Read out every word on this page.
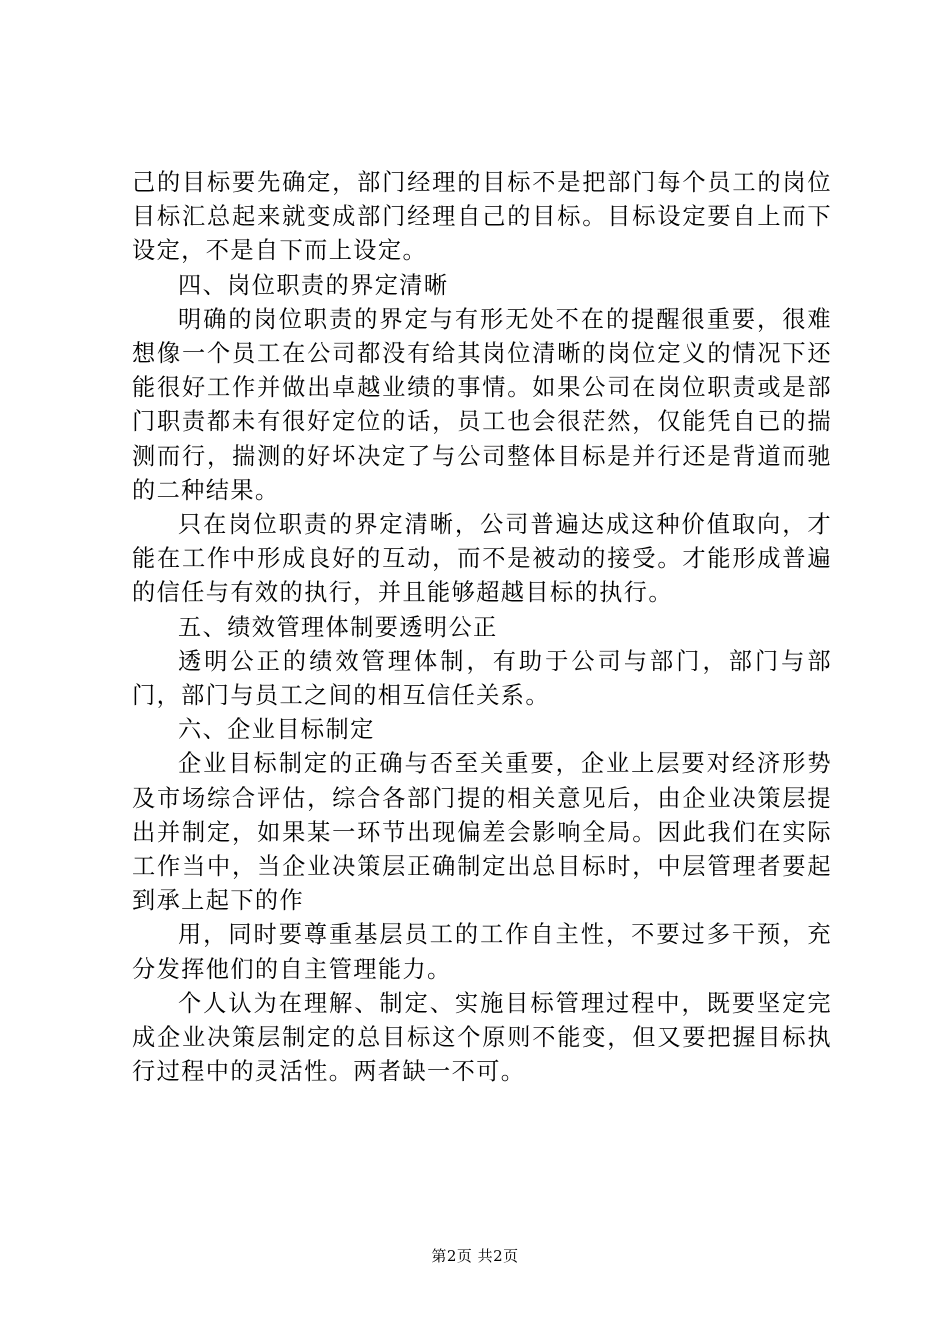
己的目标要先确定，部门经理的目标不是把部门每个员工的岗位目标汇总起来就变成部门经理自己的目标。目标设定要自上而下设定，不是自下而上设定。

四、岗位职责的界定清晰

明确的岗位职责的界定与有形无处不在的提醒很重要，很难想像一个员工在公司都没有给其岗位清晰的岗位定义的情况下还能很好工作并做出卓越业绩的事情。如果公司在岗位职责或是部门职责都未有很好定位的话，员工也会很茫然，仅能凭自已的揣测而行，揣测的好坏决定了与公司整体目标是并行还是背道而驰的二种结果。

只在岗位职责的界定清晰，公司普遍达成这种价值取向，才能在工作中形成良好的互动，而不是被动的接受。才能形成普遍的信任与有效的执行，并且能够超越目标的执行。

五、绩效管理体制要透明公正

透明公正的绩效管理体制，有助于公司与部门，部门与部门，部门与员工之间的相互信任关系。

六、企业目标制定

企业目标制定的正确与否至关重要，企业上层要对经济形势及市场综合评估，综合各部门提的相关意见后，由企业决策层提出并制定，如果某一环节出现偏差会影响全局。因此我们在实际工作当中，当企业决策层正确制定出总目标时，中层管理者要起到承上起下的作

用，同时要尊重基层员工的工作自主性，不要过多干预，充分发挥他们的自主管理能力。

个人认为在理解、制定、实施目标管理过程中，既要坚定完成企业决策层制定的总目标这个原则不能变，但又要把握目标执行过程中的灵活性。两者缺一不可。

第2页 共2页
